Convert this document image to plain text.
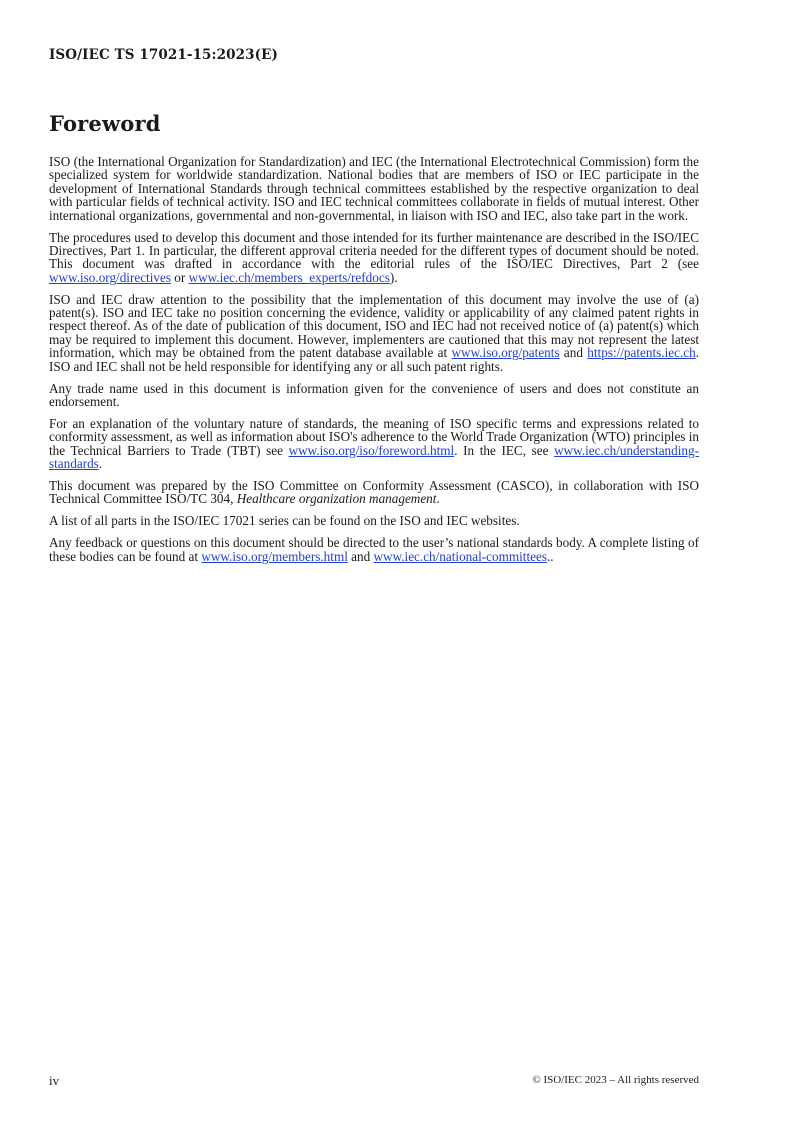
ISO/IEC TS 17021-15:2023(E)
Foreword

ISO (the International Organization for Standardization) and IEC (the International Electrotechnical Commission) form the specialized system for worldwide standardization. National bodies that are members of ISO or IEC participate in the development of International Standards through technical committees established by the respective organization to deal with particular fields of technical activity. ISO and IEC technical committees collaborate in fields of mutual interest. Other international organizations, governmental and non-governmental, in liaison with ISO and IEC, also take part in the work.

The procedures used to develop this document and those intended for its further maintenance are described in the ISO/IEC Directives, Part 1. In particular, the different approval criteria needed for the different types of document should be noted. This document was drafted in accordance with the editorial rules of the ISO/IEC Directives, Part 2 (see www.iso.org/directives or www.iec.ch/members_experts/refdocs).

ISO and IEC draw attention to the possibility that the implementation of this document may involve the use of (a) patent(s). ISO and IEC take no position concerning the evidence, validity or applicability of any claimed patent rights in respect thereof. As of the date of publication of this document, ISO and IEC had not received notice of (a) patent(s) which may be required to implement this document. However, implementers are cautioned that this may not represent the latest information, which may be obtained from the patent database available at www.iso.org/patents and https://patents.iec.ch. ISO and IEC shall not be held responsible for identifying any or all such patent rights.

Any trade name used in this document is information given for the convenience of users and does not constitute an endorsement.

For an explanation of the voluntary nature of standards, the meaning of ISO specific terms and expressions related to conformity assessment, as well as information about ISO's adherence to the World Trade Organization (WTO) principles in the Technical Barriers to Trade (TBT) see www.iso.org/iso/foreword.html. In the IEC, see www.iec.ch/understanding-standards.

This document was prepared by the ISO Committee on Conformity Assessment (CASCO), in collaboration with ISO Technical Committee ISO/TC 304, Healthcare organization management.

A list of all parts in the ISO/IEC 17021 series can be found on the ISO and IEC websites.

Any feedback or questions on this document should be directed to the user’s national standards body. A complete listing of these bodies can be found at www.iso.org/members.html and www.iec.ch/national-committees..

iv	© ISO/IEC 2023 – All rights reserved
